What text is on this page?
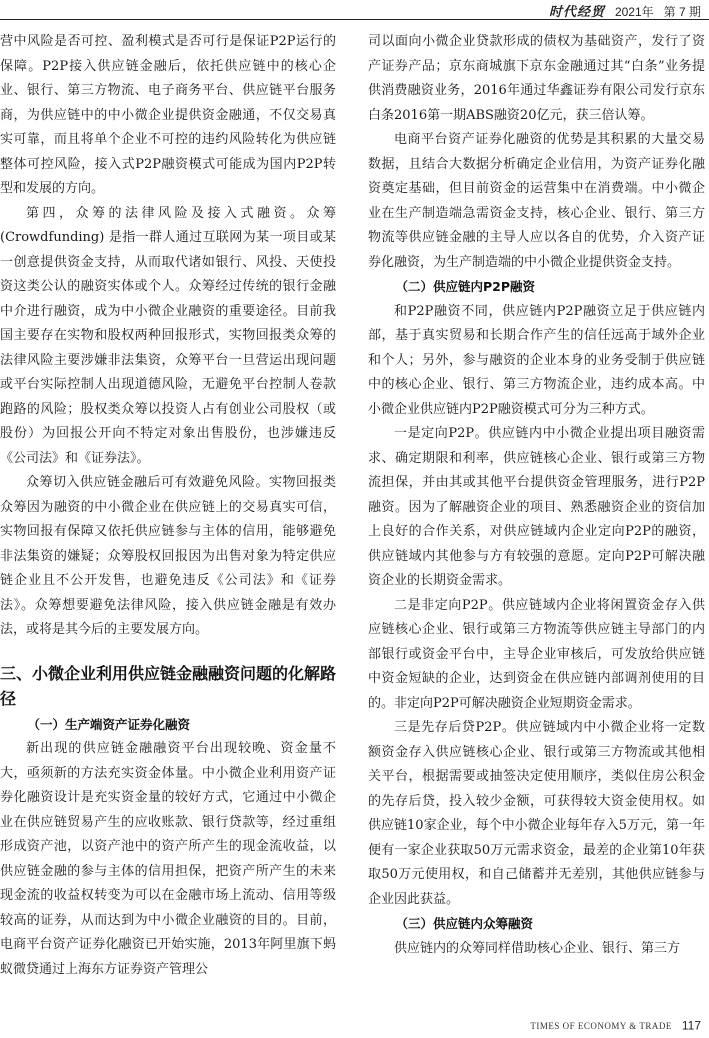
时代经贸 2021年 第 7 期

营中风险是否可控、盈利模式是否可行是保证P2P运行的保障。P2P接入供应链金融后，依托供应链中的核心企业、银行、第三方物流、电子商务平台、供应链平台服务商，为供应链中的中小微企业提供资金融通，不仅交易真实可靠，而且将单个企业不可控的违约风险转化为供应链整体可控风险，接入式P2P融资模式可能成为国内P2P转型和发展的方向。

第四，众筹的法律风险及接入式融资。众筹(Crowdfunding) 是指一群人通过互联网为某一项目或某一创意提供资金支持，从而取代诸如银行、风投、天使投资这类公认的融资实体或个人。众筹经过传统的银行金融中介进行融资，成为中小微企业融资的重要途径。目前我国主要存在实物和股权两种回报形式，实物回报类众筹的法律风险主要涉嫌非法集资，众筹平台一旦营运出现问题或平台实际控制人出现道德风险，无避免平台控制人卷款跑路的风险；股权类众筹以投资人占有创业公司股权（或股份）为回报公开向不特定对象出售股份，也涉嫌违反《公司法》和《证券法》。

众筹切入供应链金融后可有效避免风险。实物回报类众筹因为融资的中小微企业在供应链上的交易真实可信，实物回报有保障又依托供应链参与主体的信用，能够避免非法集资的嫌疑；众筹股权回报因为出售对象为特定供应链企业且不公开发售，也避免违反《公司法》和《证券法》。众筹想要避免法律风险，接入供应链金融是有效办法，或将是其今后的主要发展方向。

三、小微企业利用供应链金融融资问题的化解路径
（一）生产端资产证券化融资

新出现的供应链金融融资平台出现较晚、资金量不大，亟须新的方法充实资金体量。中小微企业利用资产证券化融资设计是充实资金量的较好方式，它通过中小微企业在供应链贸易产生的应收账款、银行贷款等，经过重组形成资产池，以资产池中的资产所产生的现金流收益，以供应链金融的参与主体的信用担保，把资产所产生的未来现金流的收益权转变为可以在金融市场上流动、信用等级较高的证券，从而达到为中小微企业融资的目的。目前，电商平台资产证券化融资已开始实施，2013年阿里旗下蚂蚁微贷通过上海东方证券资产管理公

司以面向小微企业贷款形成的债权为基础资产，发行了资产证券产品；京东商城旗下京东金融通过其“白条”业务提供消费融资业务，2016年通过华鑫证券有限公司发行京东白条2016第一期ABS融资20亿元，获三倍认筹。

电商平台资产证券化融资的优势是其积累的大量交易数据，且结合大数据分析确定企业信用，为资产证券化融资奠定基础，但目前资金的运营集中在消费端。中小微企业在生产制造端急需资金支持，核心企业、银行、第三方物流等供应链金融的主导人应以各自的优势，介入资产证券化融资，为生产制造端的中小微企业提供资金支持。

（二）供应链内P2P融资

和P2P融资不同，供应链内P2P融资立足于供应链内部，基于真实贸易和长期合作产生的信任远高于域外企业和个人；另外，参与融资的企业本身的业务受制于供应链中的核心企业、银行、第三方物流企业，违约成本高。中小微企业供应链内P2P融资模式可分为三种方式。

一是定向P2P。供应链内中小微企业提出项目融资需求、确定期限和利率，供应链核心企业、银行或第三方物流担保，并由其或其他平台提供资金管理服务，进行P2P融资。因为了解融资企业的项目、熟悉融资企业的资信加上良好的合作关系，对供应链域内企业定向P2P的融资，供应链域内其他参与方有较强的意愿。定向P2P可解决融资企业的长期资金需求。

二是非定向P2P。供应链域内企业将闲置资金存入供应链核心企业、银行或第三方物流等供应链主导部门的内部银行或资金平台中，主导企业审核后，可发放给供应链中资金短缺的企业，达到资金在供应链内部调剂使用的目的。非定向P2P可解决融资企业短期资金需求。

三是先存后贷P2P。供应链域内中小微企业将一定数额资金存入供应链核心企业、银行或第三方物流或其他相关平台，根据需要或抽签决定使用顺序，类似住房公积金的先存后贷，投入较少金额，可获得较大资金使用权。如供应链10家企业，每个中小微企业每年存入5万元，第一年便有一家企业获取50万元需求资金，最差的企业第10年获取50万元使用权，和自己储蓄并无差别，其他供应链参与企业因此获益。

（三）供应链内众筹融资

供应链内的众筹同样借助核心企业、银行、第三方

TIMES OF ECONOMY & TRADE 117
